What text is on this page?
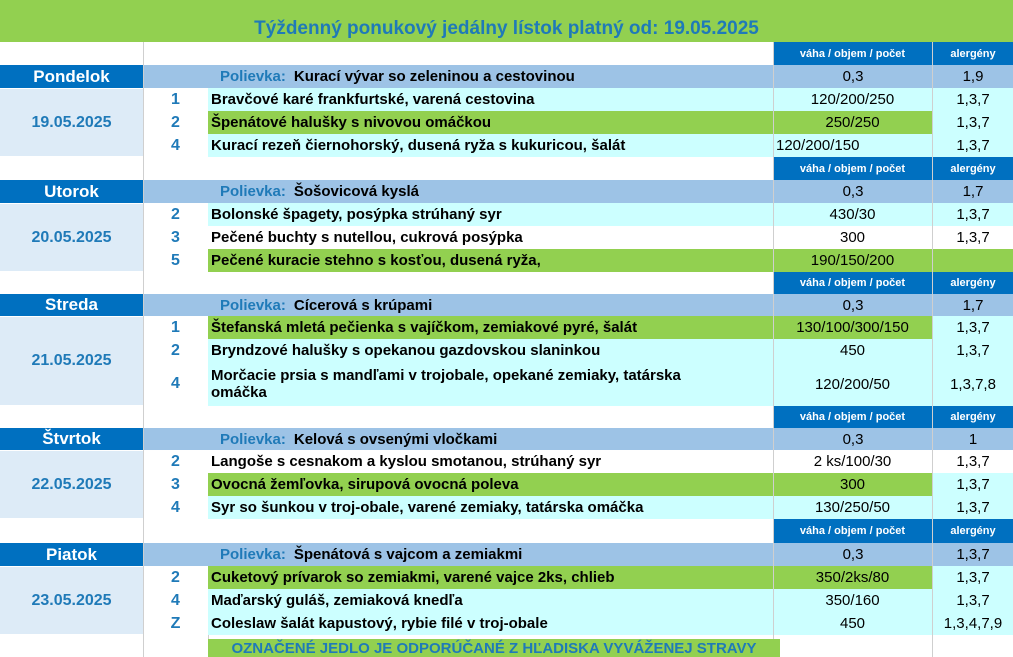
Týždenný ponukový jedálny lístok platný od: 19.05.2025
váha / objem / počet	alergény
Polievka: Kurací vývar so zeleninou a cestovinou	0,3	1,9
1	Bravčové karé frankfurtské, varená cestovina	120/200/250	1,3,7
2	Špenátové halušky s nivovou omáčkou	250/250	1,3,7
4	Kurací rezeň čiernohorský, dusená ryža s kukuricou, šalát	120/200/150	1,3,7
Pondelok
19.05.2025
váha / objem / počet	alergény
Polievka: Šošovicová kyslá	0,3	1,7
2	Bolonské špagety, posýpka strúhaný syr	430/30	1,3,7
3	Pečené buchty s nutellou, cukrová posýpka	300	1,3,7
5	Pečené kuracie stehno s kosťou, dusená ryža,	190/150/200
Utorok
20.05.2025
váha / objem / počet	alergény
Polievka: Cícerová s krúpami	0,3	1,7
1	Štefanská mletá pečienka s vajíčkom, zemiakové pyré, šalát	130/100/300/150	1,3,7
2	Bryndzové halušky s opekanou gazdovskou slaninkou	450	1,3,7
4	Morčacie prsia s mandľami v trojobale, opekané zemiaky, tatárska
omáčka	120/200/50	1,3,7,8
Streda
21.05.2025
váha / objem / počet	alergény
Polievka: Kelová s ovsenými vločkami	0,3	1
2	Langoše s cesnakom a kyslou smotanou, strúhaný syr	2 ks/100/30	1,3,7
3	Ovocná žemľovka, sirupová ovocná poleva	300	1,3,7
4	Syr so šunkou v troj-obale, varené zemiaky, tatárska omáčka	130/250/50	1,3,7
Štvrtok
22.05.2025
váha / objem / počet	alergény
Polievka: Špenátová s vajcom a zemiakmi	0,3	1,3,7
2	Cuketový prívarok so zemiakmi, varené vajce 2ks, chlieb	350/2ks/80	1,3,7
4	Maďarský guláš, zemiaková knedľa	350/160	1,3,7
Z	Coleslaw šalát kapustový, rybie filé v troj-obale	450	1,3,4,7,9
Piatok
23.05.2025
OZNAČENÉ JEDLO JE ODPORÚČANÉ Z HĽADISKA VYVÁŽENEJ STRAVY
